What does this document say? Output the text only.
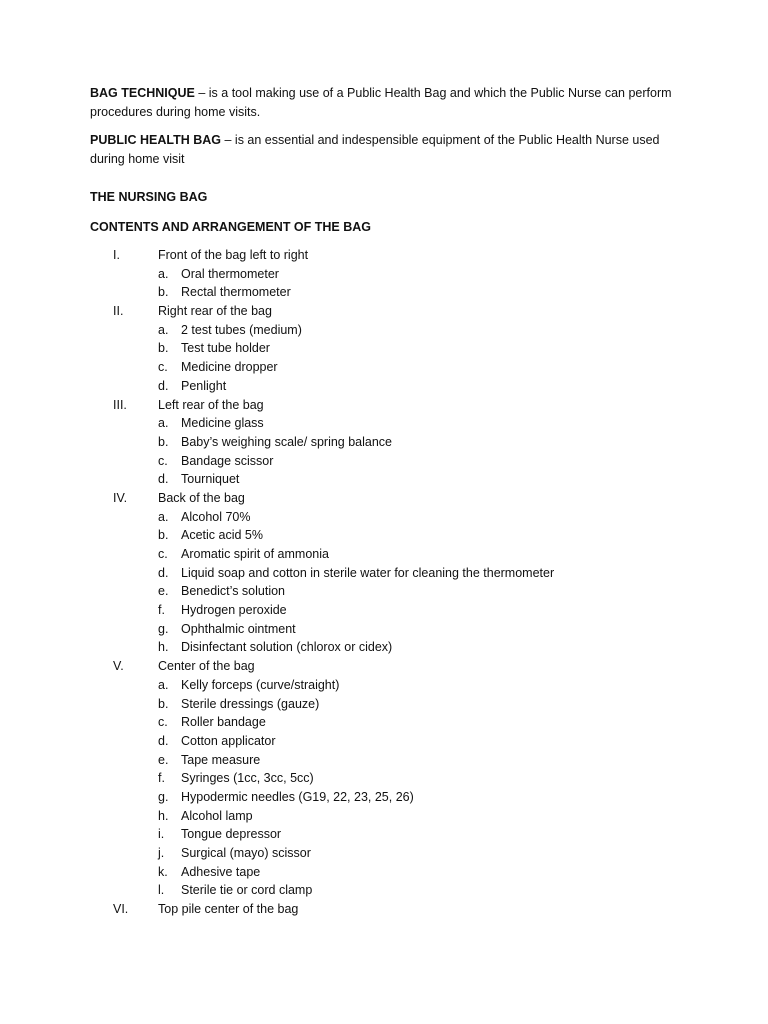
BAG TECHNIQUE – is a tool making use of a Public Health Bag and which the Public Nurse can perform procedures during home visits.

PUBLIC HEALTH BAG – is an essential and indespensible equipment of the Public Health Nurse used during home visit

THE NURSING BAG
CONTENTS AND ARRANGEMENT OF THE BAG
I.	Front of the bag left to right
a. Oral thermometer
b. Rectal thermometer
II.	Right rear of the bag
a. 2 test tubes (medium)
b. Test tube holder
c. Medicine dropper
d. Penlight
III. Left rear of the bag
a. Medicine glass
b. Baby’s weighing scale/ spring balance
c. Bandage scissor
d. Tourniquet
IV. Back of the bag
a. Alcohol 70%
b. Acetic acid 5%
c. Aromatic spirit of ammonia
d. Liquid soap and cotton in sterile water for cleaning the thermometer
e. Benedict’s solution
f. Hydrogen peroxide
g. Ophthalmic ointment
h. Disinfectant solution (chlorox or cidex)
V.	Center of the bag
a. Kelly forceps (curve/straight)
b. Sterile dressings (gauze)
c. Roller bandage
d. Cotton applicator
e. Tape measure
f. Syringes (1cc, 3cc, 5cc)
g. Hypodermic needles (G19, 22, 23, 25, 26)
h. Alcohol lamp
i. Tongue depressor
j. Surgical (mayo) scissor
k. Adhesive tape
l. Sterile tie or cord clamp
VI. Top pile center of the bag
